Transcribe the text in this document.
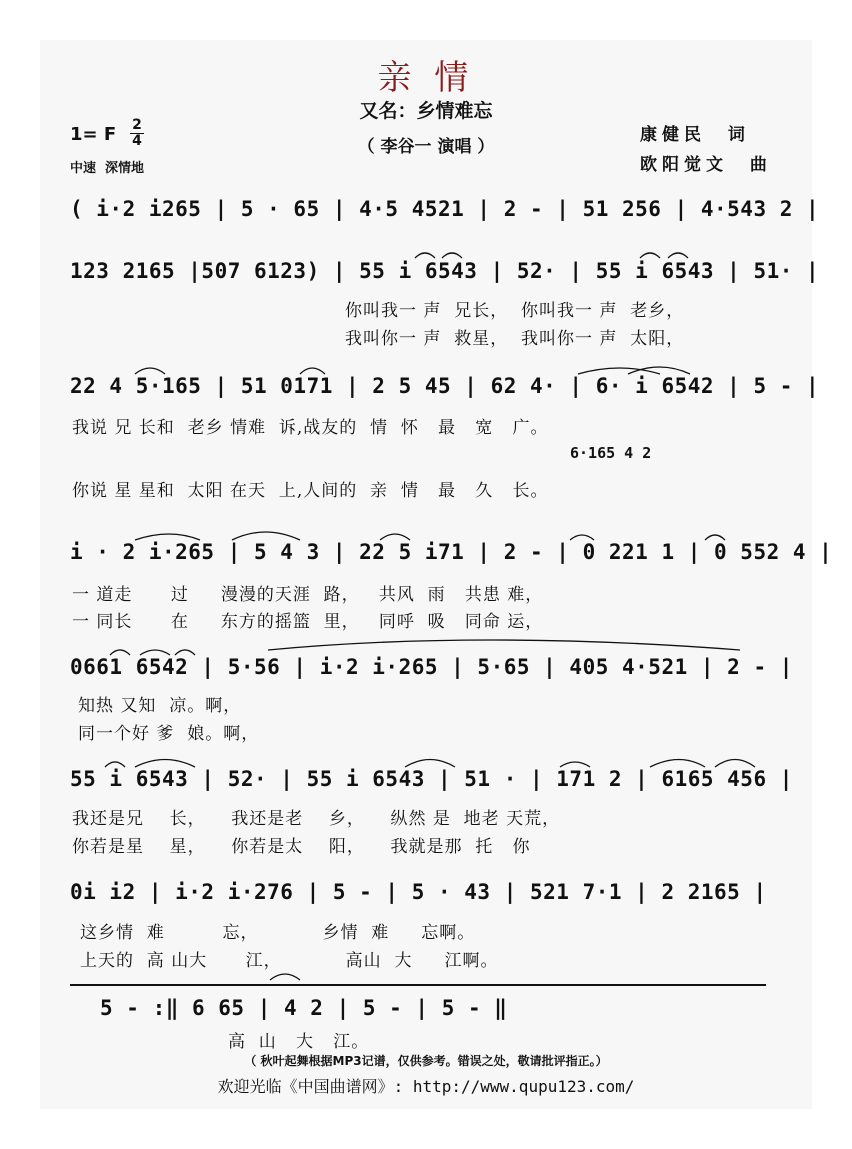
亲 情
又名：乡情难忘
（ 李谷一 演唱 ）
康健民  词
欧阳觉文  曲
1= F $\frac{2}{4}$
中速  深情地
( i·2 i265 | 5 · 65 | 4·5 4521 | 2 - | 51 256 | 4·543 2 |
123 2165 |507 6123) | 55 i 6543 | 52· | 55 i 6543 | 51· |
你叫我一 声  兄长，  你叫我一 声  老乡，
我叫你一 声  救星，  我叫你一 声  太阳，
22 4 5·165 | 51 0171 | 2 5 45 | 62 4· | 6· i 6542 | 5 - |
我说 兄 长和  老乡 情难  诉,战友的  情  怀   最   宽   广。
6·165 4 2
你说 星 星和  太阳 在天  上,人间的  亲  情   最   久   长。
i · 2 i·265 | 5 4 3 | 22 5 i71 | 2 - | 0 221 1 | 0 552 4 |
一 道走      过     漫漫的天涯  路，   共风  雨   共患 难，
一 同长      在     东方的摇篮  里，   同呼  吸   同命 运，
0661 6542 | 5·56 | i·2 i·265 | 5·65 | 405 4·521 | 2 - |
知热 又知  凉。啊，
同一个好 爹  娘。啊，
55 i 6543 | 52· | 55 i 6543 | 51 · | 171 2 | 6165 456 |
我还是兄    长，    我还是老    乡，    纵然 是  地老 天荒，
你若是星    星，    你若是太    阳，    我就是那  托   你
0i i2 | i·2 i·276 | 5 - | 5 · 43 | 521 7·1 | 2 2165 |
这乡情  难         忘，          乡情  难     忘啊。
上天的  高 山大      江，          高山  大     江啊。
5 - :‖ 6 65 | 4 2 | 5 - | 5 - ‖
高  山   大   江。
（ 秋叶起舞根据MP3记谱，仅供参考。错误之处，敬请批评指正。）
欢迎光临《中国曲谱网》: http://www.qupu123.com/
